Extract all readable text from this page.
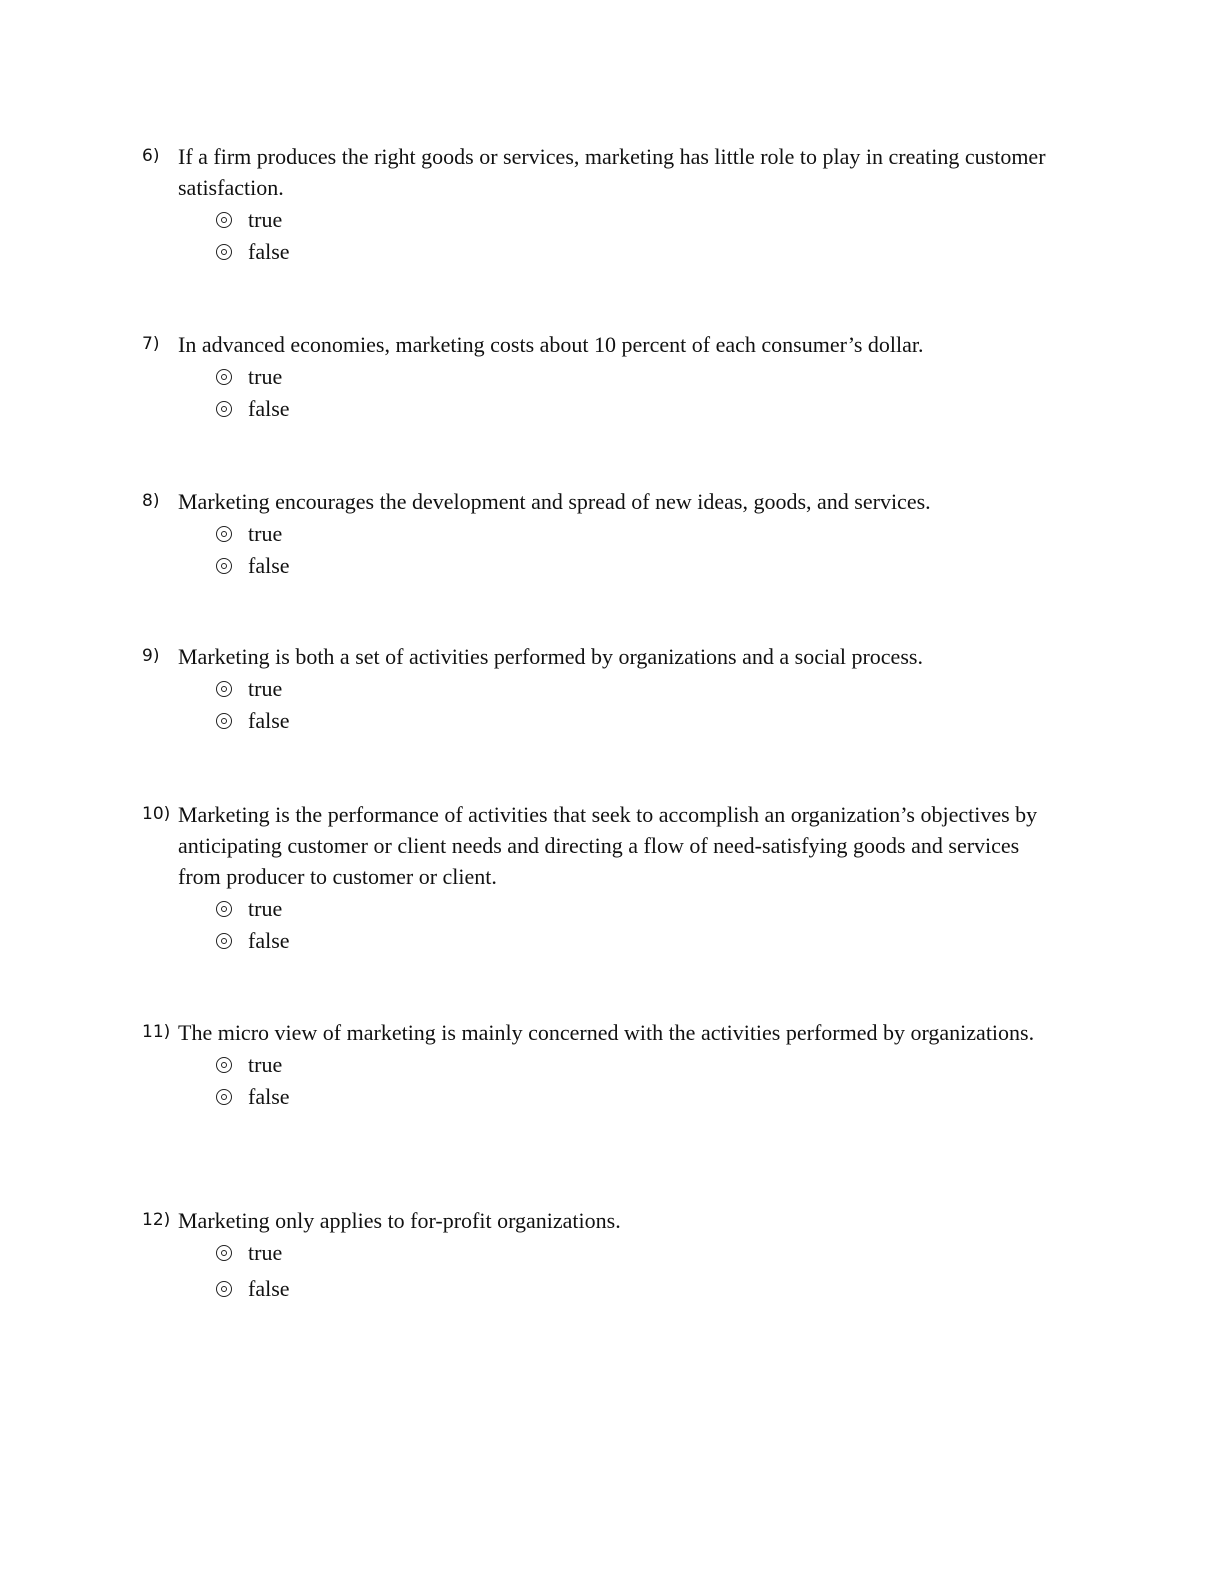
6) If a firm produces the right goods or services, marketing has little role to play in creating customer satisfaction.
true
false
7) In advanced economies, marketing costs about 10 percent of each consumer’s dollar.
true
false
8) Marketing encourages the development and spread of new ideas, goods, and services.
true
false
9) Marketing is both a set of activities performed by organizations and a social process.
true
false
10) Marketing is the performance of activities that seek to accomplish an organization’s objectives by anticipating customer or client needs and directing a flow of need-satisfying goods and services from producer to customer or client.
true
false
11) The micro view of marketing is mainly concerned with the activities performed by organizations.
true
false
12) Marketing only applies to for-profit organizations.
true
false
